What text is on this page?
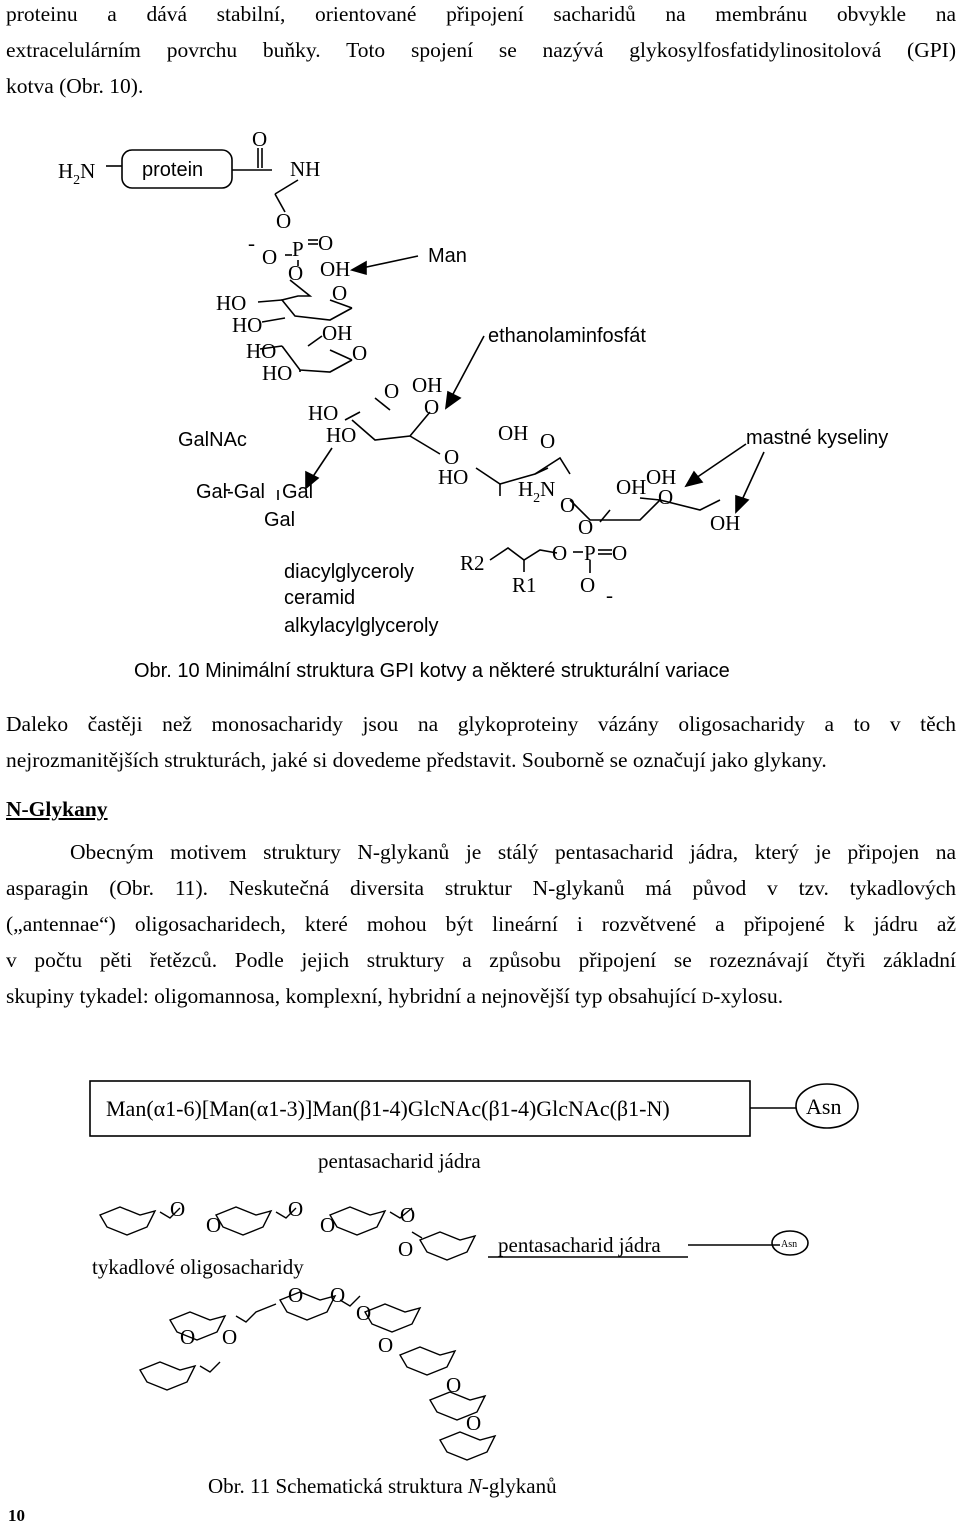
proteinu a dává stabilní, orientované připojení sacharidů na membránu obvykle na
extracelulárním povrchu buňky. Toto spojení se nazývá glykosylfosfatidylinositolová (GPI)
kotva (Obr. 10).
$H_2N$ protein
O
NH
O
-
O P O
O OH
Man
O
HO
HO	OH
O
HO
HO
O
ethanolaminfosfát
OH
O
HO
HO
GalNAc	OH O	mastné kyseliny
O
HO $H_2N$	OH OH
O
Gal-Gal Gal
Gal
O
O	OH
O P O
O -
R2
R1
diacylglyceroly
ceramid
alkylacylglyceroly
Obr. 10 Minimální struktura GPI kotvy a některé strukturální variace
Daleko častěji než monosacharidy jsou na glykoproteiny vázány oligosacharidy a to v těch
nejrozmanitějších strukturách, jaké si dovedeme představit. Souborně se označují jako glykany.
N-Glykany
Obecným motivem struktury N-glykanů je stálý pentasacharid jádra, který je připojen na
asparagin (Obr. 11). Neskutečná diversita struktur N-glykanů má původ v tzv. tykadlových
(„antennae“) oligosacharidech, které mohou být lineární i rozvětvené a připojené k jádru až
v počtu pěti řetězců. Podle jejich struktury a způsobu připojení se rozeznávají čtyři základní
skupiny tykadel: oligomannosa, komplexní, hybridní a nejnovější typ obsahující D-xylosu.
Man(α1-6)[Man(α1-3)]Man(β1-4)GlcNAc(β1-4)GlcNAc(β1-N)	Asn
pentasacharid jádra
tykadlové oligosacharidy
pentasacharid jádra	Asn
O
O
O
O	O
O
O O
O
O O	O
O
O
Obr. 11 Schematická struktura N-glykanů
10
